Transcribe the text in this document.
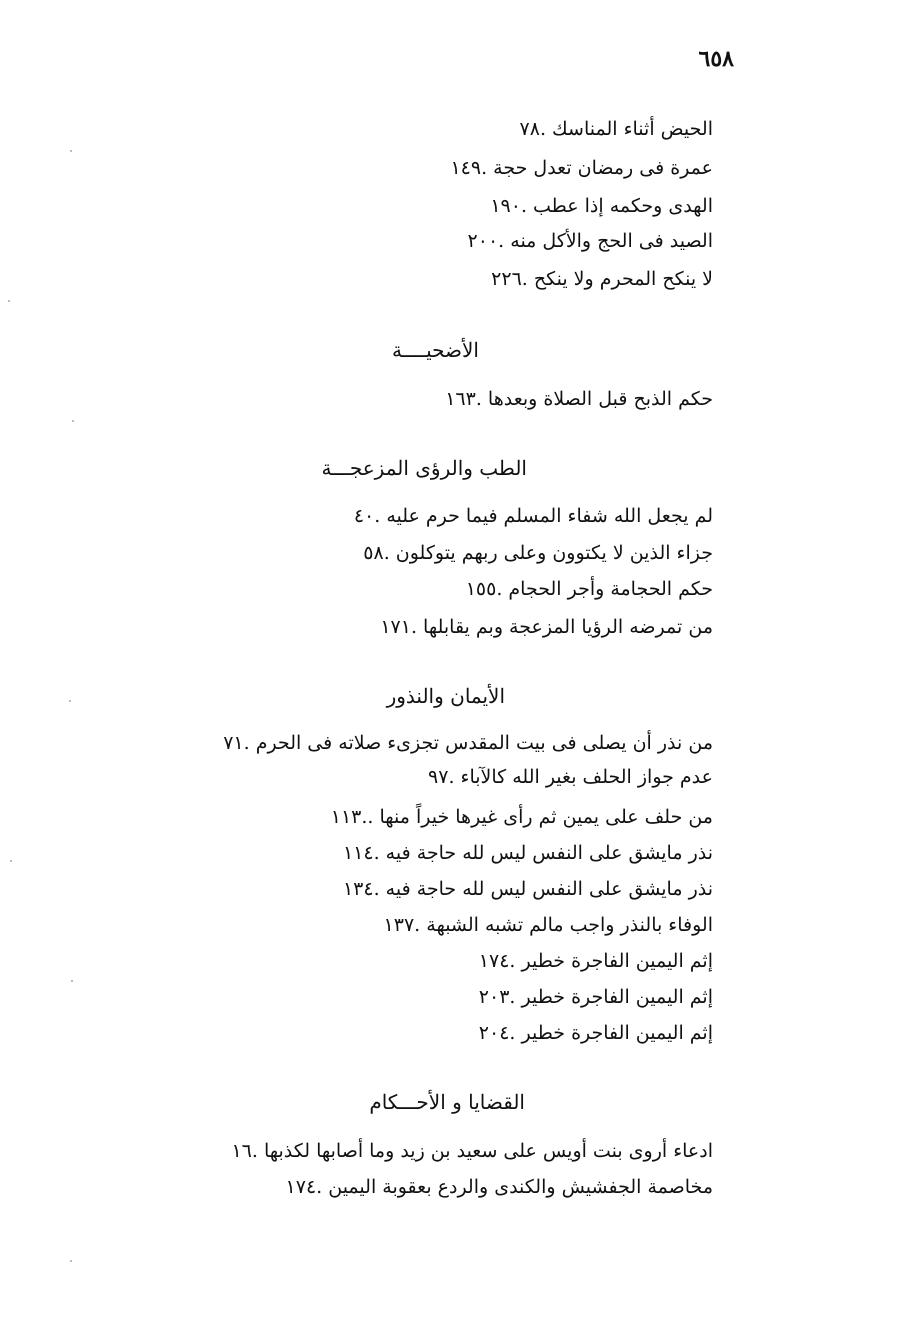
٦٥٨
٧٨ الحيض أثناء المناسك .
١٤٩ عمرة فى رمضان تعدل حجة .
١٩٠ الهدى وحكمه إذا عطب .
٢٠٠ الصيد فى الحج والأكل منه .
٢٢٦ لا ينكح المحرم ولا ينكح .
الأضحيــــة
١٦٣ حكم الذبح قبل الصلاة وبعدها .
الطب والرؤى المزعجـــة
٤٠ لم يجعل الله شفاء المسلم فيما حرم عليه .
٥٨ جزاء الذين لا يكتوون وعلى ربهم يتوكلون .
١٥٥ حكم الحجامة وأجر الحجام .
١٧١ من تمرضه الرؤيا المزعجة وبم يقابلها .
الأيمان والنذور
٧١ من نذر أن يصلى فى بيت المقدس تجزىء صلاته فى الحرم .
٩٧ عدم جواز الحلف بغير الله كالآباء .
١١٣ من حلف على يمين ثم رأى غيرها خيراً منها ..
١١٤ نذر مايشق على النفس ليس لله حاجة فيه .
١٣٤ نذر مايشق على النفس ليس لله حاجة فيه .
١٣٧ الوفاء بالنذر واجب مالم تشبه الشبهة .
١٧٤ إثم اليمين الفاجرة خطير .
٢٠٣ إثم اليمين الفاجرة خطير .
٢٠٤ إثم اليمين الفاجرة خطير .
القضايا و الأحـــكام
١٦ ادعاء أروى بنت أويس على سعيد بن زيد وما أصابها لكذبها .
١٧٤ مخاصمة الجفشيش والكندى والردع بعقوبة اليمين .
